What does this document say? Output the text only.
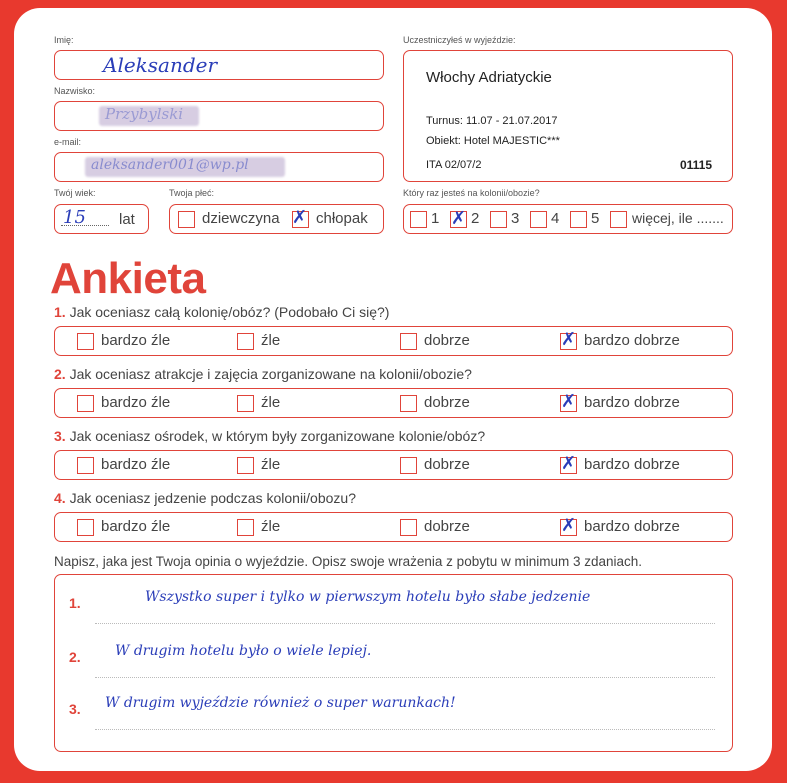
Imię:
Aleksander
Nazwisko:
Przybylski
e-mail:
aleksander001@wp.pl
Twój wiek:
15 lat
Twoja płeć:
dziewczyna ✗ chłopak
Uczestniczyłeś w wyjeździe:
Włochy Adriatyckie
Turnus: 11.07 - 21.07.2017
Obiekt: Hotel MAJESTIC***
ITA 02/07/2	01115
Który raz jesteś na kolonii/obozie?
1 ✗ 2 3 4 5 więcej, ile .......
Ankieta
1. Jak oceniasz całą kolonię/obóz? (Podobało Ci się?)
bardzo źle	źle	dobrze	✗ bardzo dobrze
2. Jak oceniasz atrakcje i zajęcia zorganizowane na kolonii/obozie?
bardzo źle	źle	dobrze	✗ bardzo dobrze
3. Jak oceniasz ośrodek, w którym były zorganizowane kolonie/obóz?
bardzo źle	źle	dobrze	✗ bardzo dobrze
4. Jak oceniasz jedzenie podczas kolonii/obozu?
bardzo źle	źle	dobrze	✗ bardzo dobrze
Napisz, jaka jest Twoja opinia o wyjeździe. Opisz swoje wrażenia z pobytu w minimum 3 zdaniach.
1.	Wszystko super i tylko w pierwszym hotelu było słabe jedzenie
2. W drugim hotelu było o wiele lepiej.
3. W drugim wyjeździe również o super warunkach!
